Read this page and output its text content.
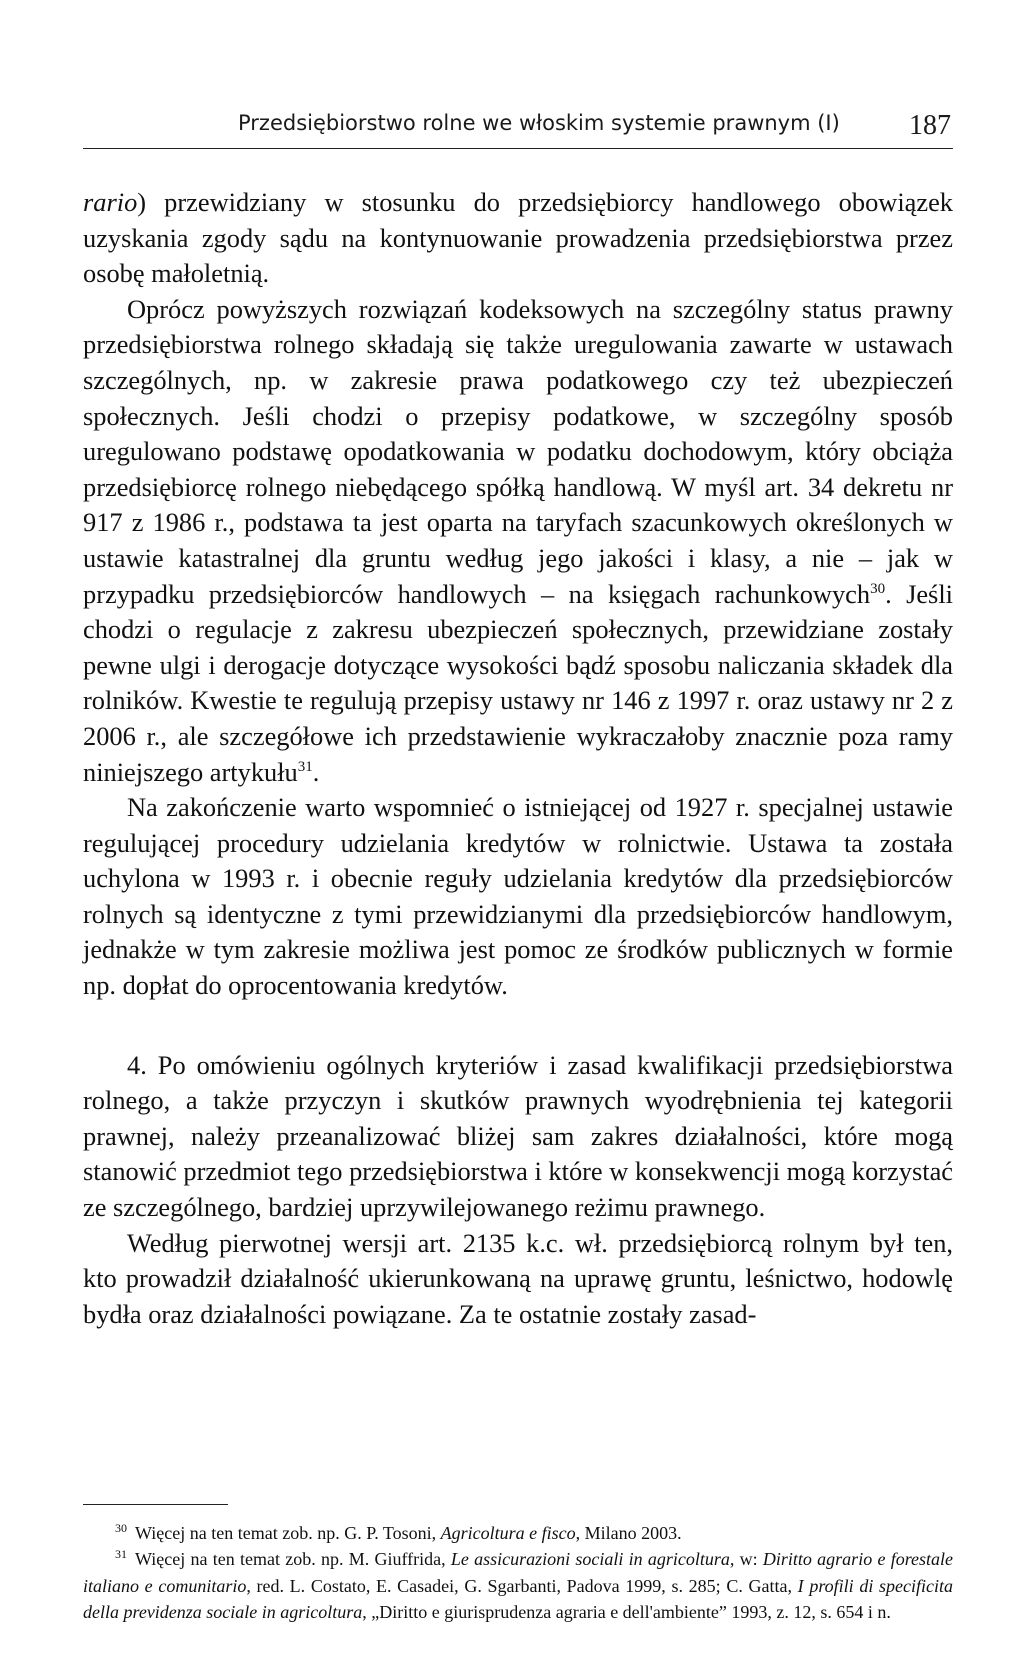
Przedsiębiorstwo rolne we włoskim systemie prawnym (I) 187

rario) przewidziany w stosunku do przedsiębiorcy handlowego obowiązek uzyskania zgody sądu na kontynuowanie prowadzenia przedsiębiorstwa przez osobę małoletnią.

Oprócz powyższych rozwiązań kodeksowych na szczególny status prawny przedsiębiorstwa rolnego składają się także uregulowania zawarte w ustawach szczególnych, np. w zakresie prawa podatkowego czy też ubezpieczeń społecznych. Jeśli chodzi o przepisy podatkowe, w szczególny sposób uregulowano podstawę opodatkowania w podatku dochodowym, który obciąża przedsiębiorcę rolnego niebędącego spółką handlową. W myśl art. 34 dekretu nr 917 z 1986 r., podstawa ta jest oparta na taryfach szacunkowych określonych w ustawie katastralnej dla gruntu według jego jakości i klasy, a nie – jak w przypadku przedsiębiorców handlowych – na księgach rachunkowych$^{30}$. Jeśli chodzi o regulacje z zakresu ubezpieczeń społecznych, przewidziane zostały pewne ulgi i derogacje dotyczące wysokości bądź sposobu naliczania składek dla rolników. Kwestie te regulują przepisy ustawy nr 146 z 1997 r. oraz ustawy nr 2 z 2006 r., ale szczegółowe ich przedstawienie wykraczałoby znacznie poza ramy niniejszego artykułu$^{31}$.

Na zakończenie warto wspomnieć o istniejącej od 1927 r. specjalnej ustawie regulującej procedury udzielania kredytów w rolnictwie. Ustawa ta została uchylona w 1993 r. i obecnie reguły udzielania kredytów dla przedsiębiorców rolnych są identyczne z tymi przewidzianymi dla przedsiębiorców handlowym, jednakże w tym zakresie możliwa jest pomoc ze środków publicznych w formie np. dopłat do oprocentowania kredytów.

4. Po omówieniu ogólnych kryteriów i zasad kwalifikacji przedsiębiorstwa rolnego, a także przyczyn i skutków prawnych wyodrębnienia tej kategorii prawnej, należy przeanalizować bliżej sam zakres działalności, które mogą stanowić przedmiot tego przedsiębiorstwa i które w konsekwencji mogą korzystać ze szczególnego, bardziej uprzywilejowanego reżimu prawnego.

Według pierwotnej wersji art. 2135 k.c. wł. przedsiębiorcą rolnym był ten, kto prowadził działalność ukierunkowaną na uprawę gruntu, leśnictwo, hodowlę bydła oraz działalności powiązane. Za te ostatnie zostały zasad-

$^{30}$ Więcej na ten temat zob. np. G. P. Tosoni, Agricoltura e fisco, Milano 2003.

$^{31}$ Więcej na ten temat zob. np. M. Giuffrida, Le assicurazioni sociali in agricoltura, w: Diritto agrario e forestale italiano e comunitario, red. L. Costato, E. Casadei, G. Sgarbanti, Padova 1999, s. 285; C. Gatta, I profili di specificita della previdenza sociale in agricoltura, „Diritto e giurisprudenza agraria e dell'ambiente” 1993, z. 12, s. 654 i n.
